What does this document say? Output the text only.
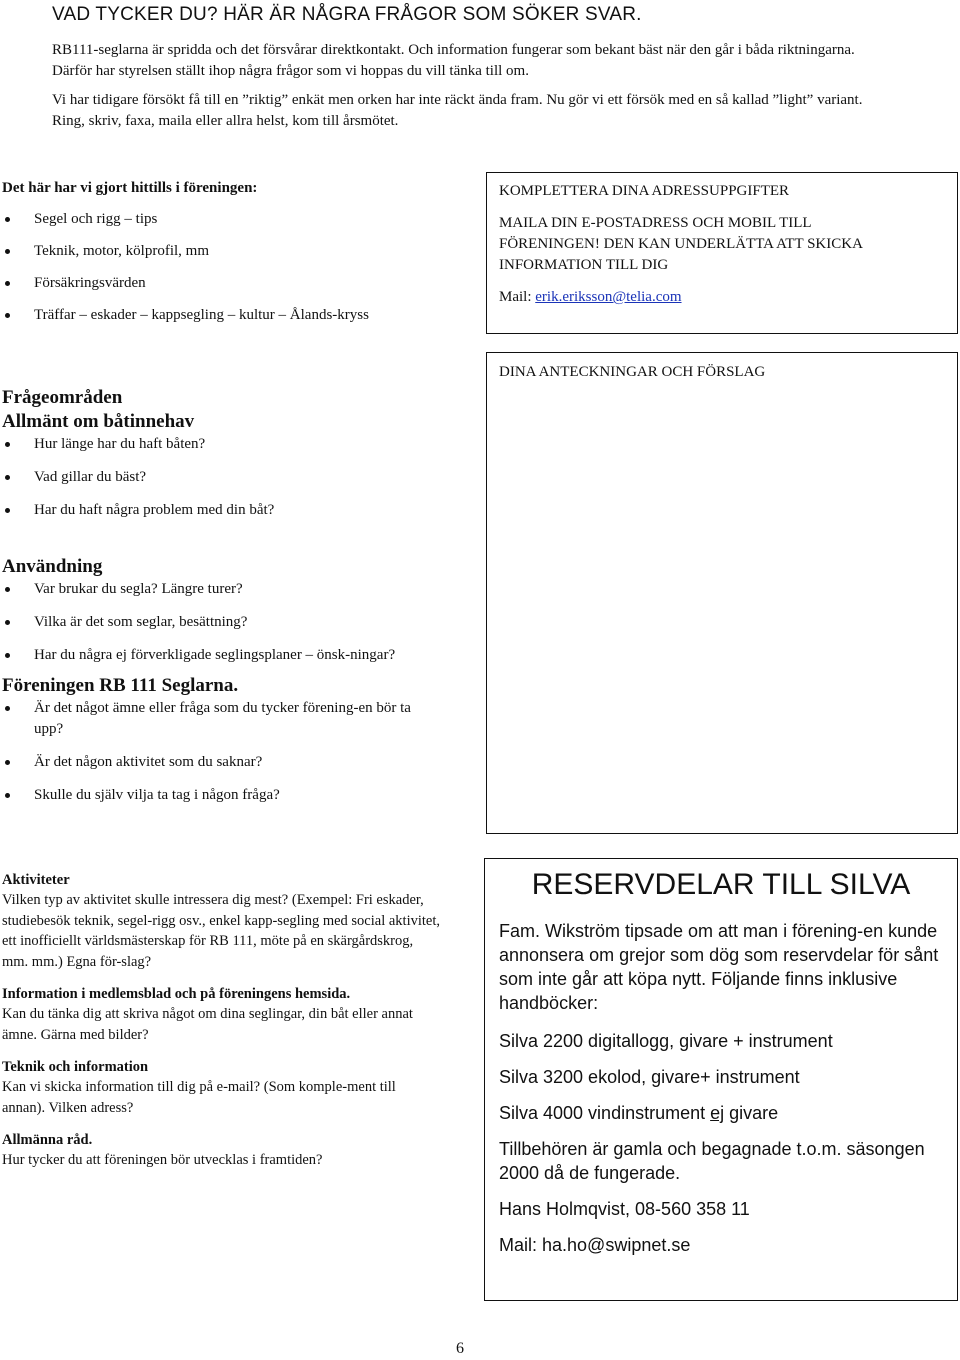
VAD TYCKER DU? HÄR ÄR NÅGRA FRÅGOR SOM SÖKER SVAR.

RB111-seglarna är spridda och det försvårar direktkontakt. Och information fungerar som bekant bäst när den går i båda riktningarna. Därför har styrelsen ställt ihop några frågor som vi hoppas du vill tänka till om.

Vi har tidigare försökt få till en ”riktig” enkät men orken har inte räckt ända fram. Nu gör vi ett försök med en så kallad ”light” variant. Ring, skriv, faxa, maila eller allra helst, kom till årsmötet.

Det här har vi gjort hittills i föreningen:
Segel och rigg – tips
Teknik, motor, kölprofil, mm
Försäkringsvärden
Träffar – eskader – kappsegling – kultur – Ålands-kryss
Frågeområden
Allmänt om båtinnehav
Hur länge har du haft båten?
Vad gillar du bäst?
Har du haft några problem med din båt?
Användning
Var brukar du segla? Längre turer?
Vilka är det som seglar, besättning?
Har du några ej förverkligade seglingsplaner – önsk-ningar?
Föreningen RB 111 Seglarna.
Är det något ämne eller fråga som du tycker förening-en bör ta upp?
Är det någon aktivitet som du saknar?
Skulle du själv vilja ta tag i någon fråga?
KOMPLETTERA DINA ADRESSUPPGIFTER
MAILA DIN E-POSTADRESS OCH MOBIL TILL FÖRENINGEN! DEN KAN UNDERLÄTTA ATT SKICKA INFORMATION TILL DIG
Mail: erik.eriksson@telia.com
DINA ANTECKNINGAR OCH FÖRSLAG
Aktiviteter

Vilken typ av aktivitet skulle intressera dig mest? (Exempel: Fri eskader, studiebesök teknik, segel-rigg osv., enkel kapp-segling med social aktivitet, ett inofficiellt världsmästerskap för RB 111, möte på en skärgårdskrog, mm. mm.) Egna för-slag?

Information i medlemsblad och på föreningens hemsida.

Kan du tänka dig att skriva något om dina seglingar, din båt eller annat ämne. Gärna med bilder?

Teknik och information

Kan vi skicka information till dig på e-mail? (Som komple-ment till annan). Vilken adress?

Allmänna råd.

Hur tycker du att föreningen bör utvecklas i framtiden?

RESERVDELAR TILL SILVA

Fam. Wikström tipsade om att man i förening-en kunde annonsera om grejor som dög som reservdelar för sånt som inte går att köpa nytt. Följande finns inklusive handböcker:

Silva 2200 digitallogg, givare + instrument

Silva 3200 ekolod, givare+ instrument

Silva 4000 vindinstrument ej givare

Tillbehören är gamla och begagnade t.o.m. säsongen 2000 då de fungerade.

Hans Holmqvist, 08-560 358 11

Mail: ha.ho@swipnet.se

6
